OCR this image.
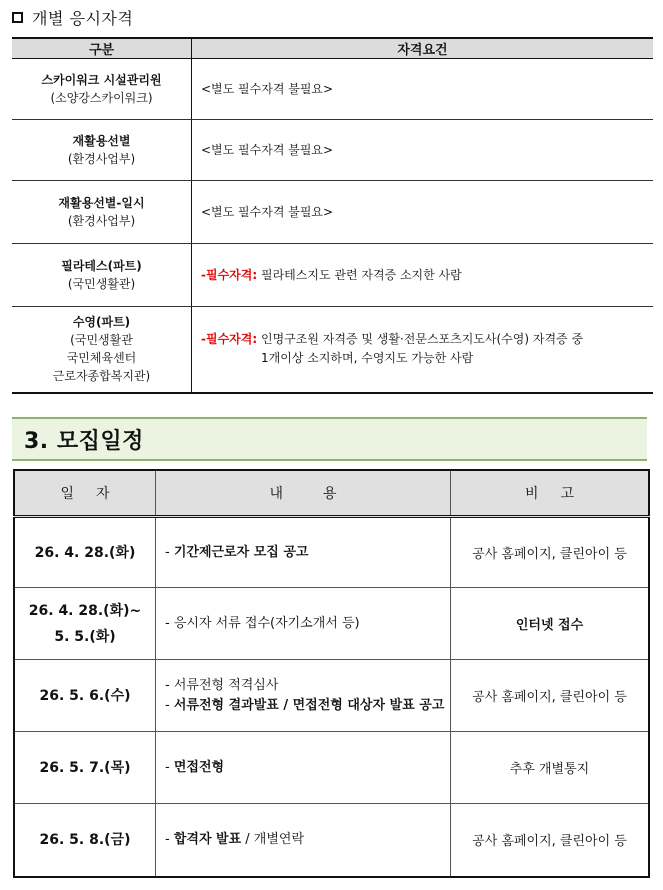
개별 응시자격
구분	자격요건

스카이워크 시설관리원
(소양강스카이워크)	<별도 필수자격 불필요>

재활용선별
(환경사업부)	<별도 필수자격 불필요>

재활용선별-일시
(환경사업부)	<별도 필수자격 불필요>

필라테스(파트)
(국민생활관)	-필수자격: 필라테스지도 관련 자격증 소지한 사람

수영(파트)
(국민생활관
국민체육센터
근로자종합복지관)	-필수자격: 인명구조원 자격증 및 생활·전문스포츠지도사(수영) 자격증 중
1개이상 소지하며, 수영지도 가능한 사람
3. 모집일정
일자	내용	비고
26. 4. 28.(화)	- 기간제근로자 모집 공고	공사 홈페이지, 클린아이 등

26. 4. 28.(화)~
5. 5.(화)	- 응시자 서류 접수(자기소개서 등)	인터넷 접수
26. 5. 6.(수)	- 서류전형 적격심사
- 서류전형 결과발표 / 면접전형 대상자 발표 공고	공사 홈페이지, 클린아이 등
26. 5. 7.(목)	- 면접전형	추후 개별통지
26. 5. 8.(금)	- 합격자 발표 / 개별연락	공사 홈페이지, 클린아이 등
